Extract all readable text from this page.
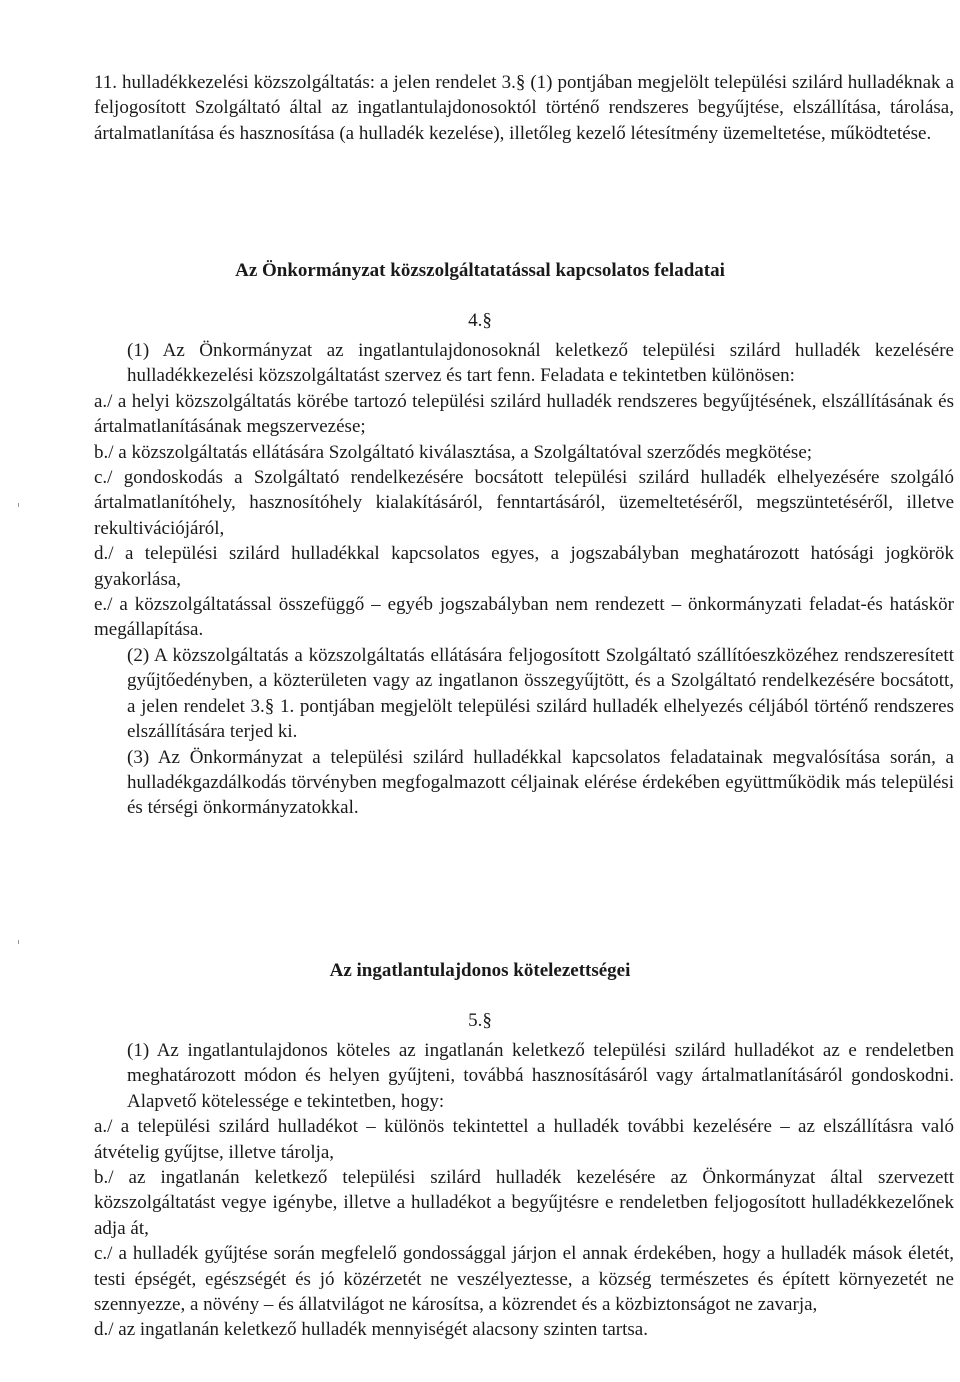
11. hulladékkezelési közszolgáltatás: a jelen rendelet 3.§ (1) pontjában megjelölt települési szilárd hulladéknak a feljogosított Szolgáltató által az ingatlantulajdonosoktól történő rendszeres begyűjtése, elszállítása, tárolása, ártalmatlanítása és hasznosítása (a hulladék kezelése), illetőleg kezelő létesítmény üzemeltetése, működtetése.

Az Önkormányzat közszolgáltatatással kapcsolatos feladatai
4.§

(1) Az Önkormányzat az ingatlantulajdonosoknál keletkező települési szilárd hulladék kezelésére hulladékkezelési közszolgáltatást szervez és tart fenn. Feladata e tekintetben különösen:

a./ a helyi közszolgáltatás körébe tartozó települési szilárd hulladék rendszeres begyűjtésének, elszállításának és ártalmatlanításának megszervezése;

b./ a közszolgáltatás ellátására Szolgáltató kiválasztása, a Szolgáltatóval szerződés megkötése;

c./ gondoskodás a Szolgáltató rendelkezésére bocsátott települési szilárd hulladék elhelyezésére szolgáló ártalmatlanítóhely, hasznosítóhely kialakításáról, fenntartásáról, üzemeltetéséről, megszüntetéséről, illetve rekultivációjáról,

d./ a települési szilárd hulladékkal kapcsolatos egyes, a jogszabályban meghatározott hatósági jogkörök gyakorlása,

e./ a közszolgáltatással összefüggő – egyéb jogszabályban nem rendezett – önkormányzati feladat-és hatáskör megállapítása.

(2) A közszolgáltatás a közszolgáltatás ellátására feljogosított Szolgáltató szállítóeszközéhez rendszeresített gyűjtőedényben, a közterületen vagy az ingatlanon összegyűjtött, és a Szolgáltató rendelkezésére bocsátott, a jelen rendelet 3.§ 1. pontjában megjelölt települési szilárd hulladék elhelyezés céljából történő rendszeres elszállítására terjed ki.

(3) Az Önkormányzat a települési szilárd hulladékkal kapcsolatos feladatainak megvalósítása során, a hulladékgazdálkodás törvényben megfogalmazott céljainak elérése érdekében együttműködik más települési és térségi önkormányzatokkal.

Az ingatlantulajdonos kötelezettségei
5.§

(1) Az ingatlantulajdonos köteles az ingatlanán keletkező települési szilárd hulladékot az e rendeletben meghatározott módon és helyen gyűjteni, továbbá hasznosításáról vagy ártalmatlanításáról gondoskodni. Alapvető kötelessége e tekintetben, hogy:

a./ a települési szilárd hulladékot – különös tekintettel a hulladék további kezelésére – az elszállításra való átvételig gyűjtse, illetve tárolja,

b./ az ingatlanán keletkező települési szilárd hulladék kezelésére az Önkormányzat által szervezett közszolgáltatást vegye igénybe, illetve a hulladékot a begyűjtésre e rendeletben feljogosított hulladékkezelőnek adja át,

c./ a hulladék gyűjtése során megfelelő gondossággal járjon el annak érdekében, hogy a hulladék mások életét, testi épségét, egészségét és jó közérzetét ne veszélyeztesse, a község természetes és épített környezetét ne szennyezze, a növény – és állatvilágot ne károsítsa, a közrendet és a közbiztonságot ne zavarja,

d./ az ingatlanán keletkező hulladék mennyiségét alacsony szinten tartsa.
